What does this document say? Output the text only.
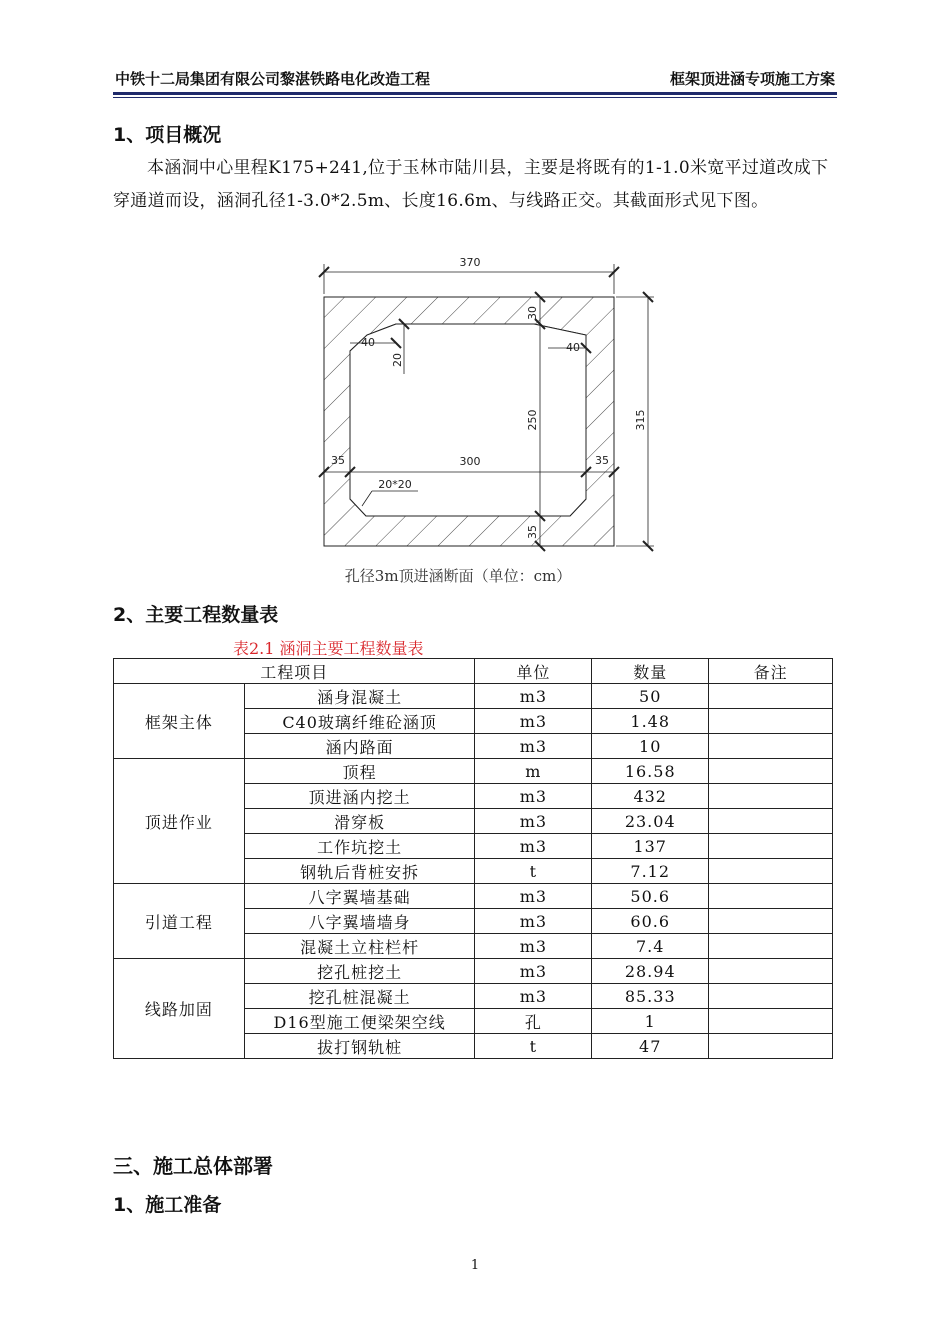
中铁十二局集团有限公司黎湛铁路电化改造工程	框架顶进涵专项施工方案
1、项目概况
本涵洞中心里程K175+241,位于玉林市陆川县，主要是将既有的1-1.0米宽平过道改成下穿通道而设，涵洞孔径1-3.0*2.5m、长度16.6m、与线路正交。其截面形式见下图。
370
315
30
250
35
40
20
40
35	300	35
20*20
孔径3m顶进涵断面（单位：cm）
2、主要工程数量表
表2.1 涵洞主要工程数量表
工程项目		单位	数量	备注
框架主体	涵身混凝土	m3	50	
	C40玻璃纤维砼涵顶	m3	1.48	
	涵内路面	m3	10	
顶进作业	顶程	m	16.58	
	顶进涵内挖土	m3	432	
	滑穿板	m3	23.04	
	工作坑挖土	m3	137	
	钢轨后背桩安拆	t	7.12	
引道工程	八字翼墙基础	m3	50.6	
	八字翼墙墙身	m3	60.6	
	混凝土立柱栏杆	m3	7.4	
线路加固	挖孔桩挖土	m3	28.94	
	挖孔桩混凝土	m3	85.33	
	D16型施工便梁架空线	孔	1	
	拔打钢轨桩	t	47	
三、施工总体部署
1、施工准备
1
